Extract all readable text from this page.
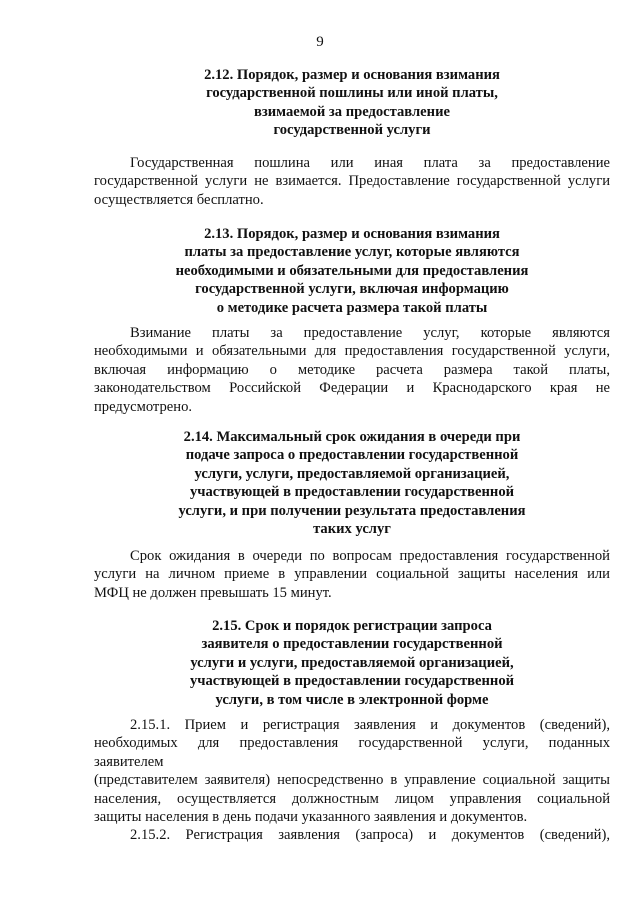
9
2.12. Порядок, размер и основания взимания
государственной пошлины или иной платы,
взимаемой за предоставление
государственной услуги
Государственная пошлина или иная плата за предоставление
государственной услуги не взимается. Предоставление государственной услуги
осуществляется бесплатно.
2.13. Порядок, размер и основания взимания
платы за предоставление услуг, которые являются
необходимыми и обязательными для предоставления
государственной услуги, включая информацию
о методике расчета размера такой платы
Взимание платы за предоставление услуг, которые являются
необходимыми и обязательными для предоставления государственной услуги,
включая информацию о методике расчета размера такой платы,
законодательством Российской Федерации и Краснодарского края не
предусмотрено.
2.14. Максимальный срок ожидания в очереди при
подаче запроса о предоставлении государственной
услуги, услуги, предоставляемой организацией,
участвующей в предоставлении государственной
услуги, и при получении результата предоставления
таких услуг
Срок ожидания в очереди по вопросам предоставления государственной
услуги на личном приеме в управлении социальной защиты населения или
МФЦ не должен превышать 15 минут.
2.15. Срок и порядок регистрации запроса
заявителя о предоставлении государственной
услуги и услуги, предоставляемой организацией,
участвующей в предоставлении государственной
услуги, в том числе в электронной форме
2.15.1. Прием и регистрация заявления и документов (сведений),
необходимых для предоставления государственной услуги, поданных
заявителем
(представителем заявителя) непосредственно в управление социальной защиты
населения, осуществляется должностным лицом управления социальной
защиты населения в день подачи указанного заявления и документов.
2.15.2. Регистрация заявления (запроса) и документов (сведений),
